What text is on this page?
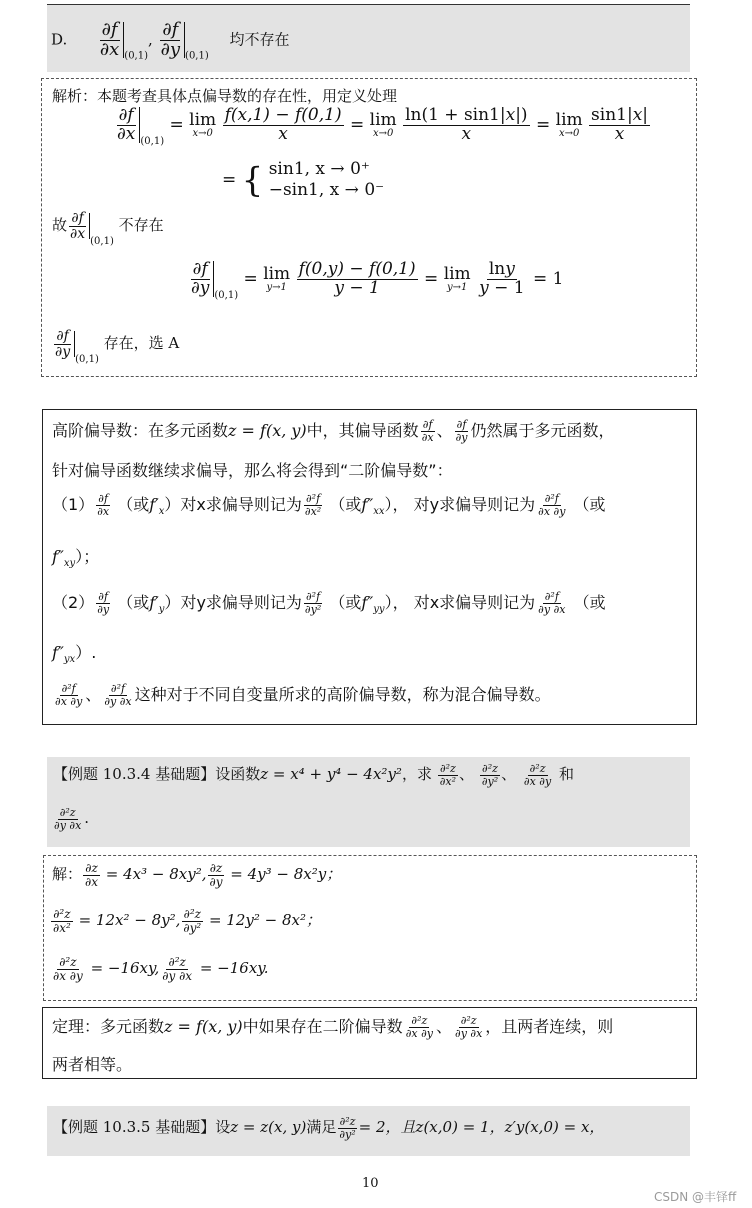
D. $\frac{\partial f}{\partial x} _{(0,1)}$, $\frac{\partial f}{\partial y} _{(0,1)}$ 均不存在
解析：本题考查具体点偏导数的存在性，用定义处理
$\frac{\partial f}{\partial x} _{(0,1)} = \lim$
x→0
$\frac{f(x,1) - f(0,1)}{x} = \lim$
x→0
$\frac{\ln(1 + \sin 1|x|)}{x} = \lim$
x→0
$\frac{\sin 1|x|}{x}$
= { sin1, x → 0⁺
−sin1, x → 0⁻
故 $\frac{\partial f}{\partial x}$
$_{(0,1)}$ 不存在
$\frac{\partial f}{\partial y} _{(0,1)} = \lim$
y→1
$\frac{f(0,y) - f(0,1)}{y - 1} = \lim$
y→1
$\frac{\ln y}{y - 1} = 1$
$\frac{\partial f}{\partial y}$
$_{(0,1)}$ 存在，选 A
高阶偏导数：在多元函数z = f(x, y)中，其偏导函数 $\frac{\partial f}{\partial x}$ 、 $\frac{\partial f}{\partial y}$ 仍然属于多元函数，
针对偏导函数继续求偏导，那么将会得到“二阶偏导数”：
$(1) \frac{\partial f}{\partial x}$ （或$f'_x$）对x求偏导则记为 $\frac{\text{∂²f}}{\text{∂x²}}$ （或$f''_{xx}$）， 对y求偏导则记为 $\frac{\text{∂²f}}{\partial x \partial y}$ （或
$f''_{xy}$）；
$(2) \frac{\partial f}{\partial y}$ （或$f'_y$）对y求偏导则记为 $\frac{\text{∂²f}}{\text{∂y²}}$ （或$f''_{yy}$）， 对x求偏导则记为 $\frac{\text{∂²f}}{\partial y \partial x}$ （或
$f''_{yx}$）.
$\frac{\text{∂²f}}{\partial x \partial y}$ 、 $\frac{\text{∂²f}}{\partial y \partial x}$ 这种对于不同自变量所求的高阶偏导数，称为混合偏导数。
【例题 10.3.4 基础题】设函数z = x⁴ + y⁴ − 4x²y²，求 $\frac{\text{∂²z}}{\text{∂x²}}$ 、 $\frac{\text{∂²z}}{\text{∂y²}}$ 、 $\frac{\text{∂²z}}{\partial x \partial y}$ 和
$\frac{\text{∂²z}}{\partial y \partial x}$ .
解： $\frac{\partial z}{\partial x} = 4x^3 - 8xy^2$, $\frac{\partial z}{\partial y} = 4y^3 - 8x^2y$；
$\frac{\text{∂²z}}{\text{∂x²}} = 12x^2 - 8y^2$, $\frac{\text{∂²z}}{\text{∂y²}} = 12y^2 - 8x^2$；
$\frac{\text{∂²z}}{\partial x \partial y} = -16xy$, $\frac{\text{∂²z}}{\partial y \partial x} = -16xy$.
定理：多元函数z = f(x, y)中如果存在二阶偏导数 $\frac{\text{∂²z}}{\partial x \partial y}$ 、 $\frac{\text{∂²z}}{\partial y \partial x}$ ，且两者连续，则
两者相等。
【例题 10.3.5 基础题】设z = z(x, y)满足 $\frac{\text{∂²z}}{\text{∂y²}} = 2$，且z(x,0) = 1，z′y(x,0) = x，
10
CSDN @丰铎ff
